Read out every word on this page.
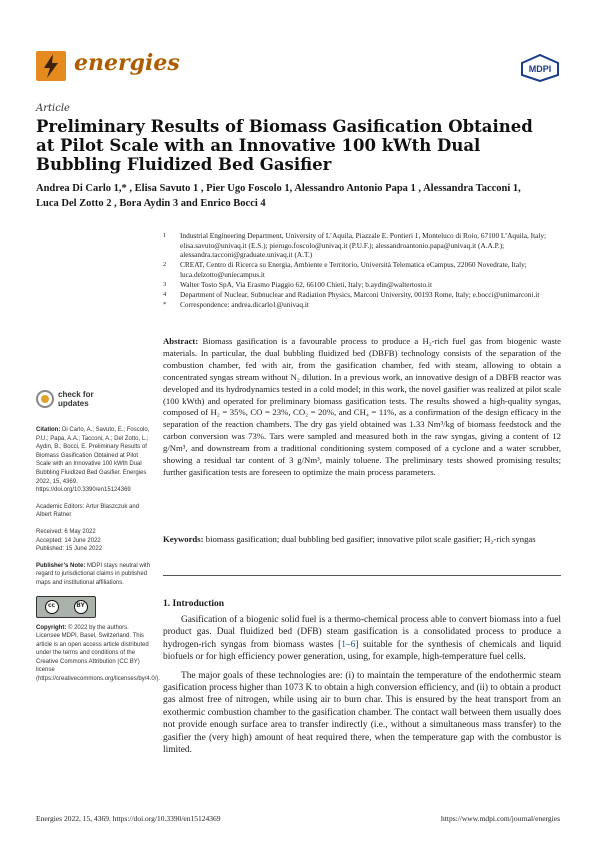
energies	MDPI
Article
Preliminary Results of Biomass Gasification Obtained at Pilot Scale with an Innovative 100 kWth Dual Bubbling Fluidized Bed Gasifier
Andrea Di Carlo 1,* , Elisa Savuto 1 , Pier Ugo Foscolo 1, Alessandro Antonio Papa 1 , Alessandra Tacconi 1,
Luca Del Zotto 2 , Bora Aydin 3 and Enrico Bocci 4
1	Industrial Engineering Department, University of L’Aquila, Piazzale E. Pontieri 1, Monteluco di Roio, 67100 L’Aquila, Italy; elisa.savuto@univaq.it (E.S.); pierugo.foscolo@univaq.it (P.U.F.); alessandroantonio.papa@univaq.it (A.A.P.); alessandra.tacconi@graduate.univaq.it (A.T.)
2	CREAT, Centro di Ricerca su Energia, Ambiente e Territorio, Università Telematica eCampus, 22060 Novedrate, Italy; luca.delzotto@uniecampus.it
3	Walter Tosto SpA, Via Erasmo Piaggio 62, 66100 Chieti, Italy; b.aydin@waltertosto.it
4	Department of Nuclear, Subnuclear and Radiation Physics, Marconi University, 00193 Rome, Italy; e.bocci@unimarconi.it
*	Correspondence: andrea.dicarlo1@univaq.it
Abstract: Biomass gasification is a favourable process to produce a H₂-rich fuel gas from biogenic waste materials. In particular, the dual bubbling fluidized bed (DBFB) technology consists of the separation of the combustion chamber, fed with air, from the gasification chamber, fed with steam, allowing to obtain a concentrated syngas stream without N₂ dilution. In a previous work, an innovative design of a DBFB reactor was developed and its hydrodynamics tested in a cold model; in this work, the novel gasifier was realized at pilot scale (100 kWth) and operated for preliminary biomass gasification tests. The results showed a high-quality syngas, composed of H₂ = 35%, CO = 23%, CO₂ = 20%, and CH₄ = 11%, as a confirmation of the design efficacy in the separation of the reaction chambers. The dry gas yield obtained was 1.33 Nm³/kg of biomass feedstock and the carbon conversion was 73%. Tars were sampled and measured both in the raw syngas, giving a content of 12 g/Nm³, and downstream from a traditional conditioning system composed of a cyclone and a water scrubber, showing a residual tar content of 3 g/Nm³, mainly toluene. The preliminary tests showed promising results; further gasification tests are foreseen to optimize the main process parameters.
Keywords: biomass gasification; dual bubbling bed gasifier; innovative pilot scale gasifier; H₂-rich syngas
1. Introduction

Gasification of a biogenic solid fuel is a thermo-chemical process able to convert biomass into a fuel product gas. Dual fluidized bed (DFB) steam gasification is a consolidated process to produce a hydrogen-rich syngas from biomass wastes [1–6] suitable for the synthesis of chemicals and liquid biofuels or for high efficiency power generation, using, for example, high-temperature fuel cells.

The major goals of these technologies are: (i) to maintain the temperature of the endothermic steam gasification process higher than 1073 K to obtain a high conversion efficiency, and (ii) to obtain a product gas almost free of nitrogen, while using air to burn char. This is ensured by the heat transport from an exothermic combustion chamber to the gasification chamber. The contact wall between them usually does not provide enough surface area to transfer indirectly (i.e., without a simultaneous mass transfer) to the gasifier the (very high) amount of heat required there, when the temperature gap with the combustor is limited.

check for
updates
Citation: Di Carlo, A.; Savuto, E.; Foscolo, P.U.; Papa, A.A.; Tacconi, A.; Del Zotto, L.; Aydin, B.; Bocci, E. Preliminary Results of Biomass Gasification Obtained at Pilot Scale with an Innovative 100 kWth Dual Bubbling Fluidized Bed Gasifier. Energies 2022, 15, 4369. https://doi.org/10.3390/en15124369
Academic Editors: Artur Blaszczuk and Albert Ratner
Received: 6 May 2022
Accepted: 14 June 2022
Published: 15 June 2022
Publisher’s Note: MDPI stays neutral with regard to jurisdictional claims in published maps and institutional affiliations.
cc	BY
Copyright: © 2022 by the authors. Licensee MDPI, Basel, Switzerland. This article is an open access article distributed under the terms and conditions of the Creative Commons Attribution (CC BY) license (https://creativecommons.org/licenses/by/4.0/).
Energies 2022, 15, 4369. https://doi.org/10.3390/en15124369	https://www.mdpi.com/journal/energies
